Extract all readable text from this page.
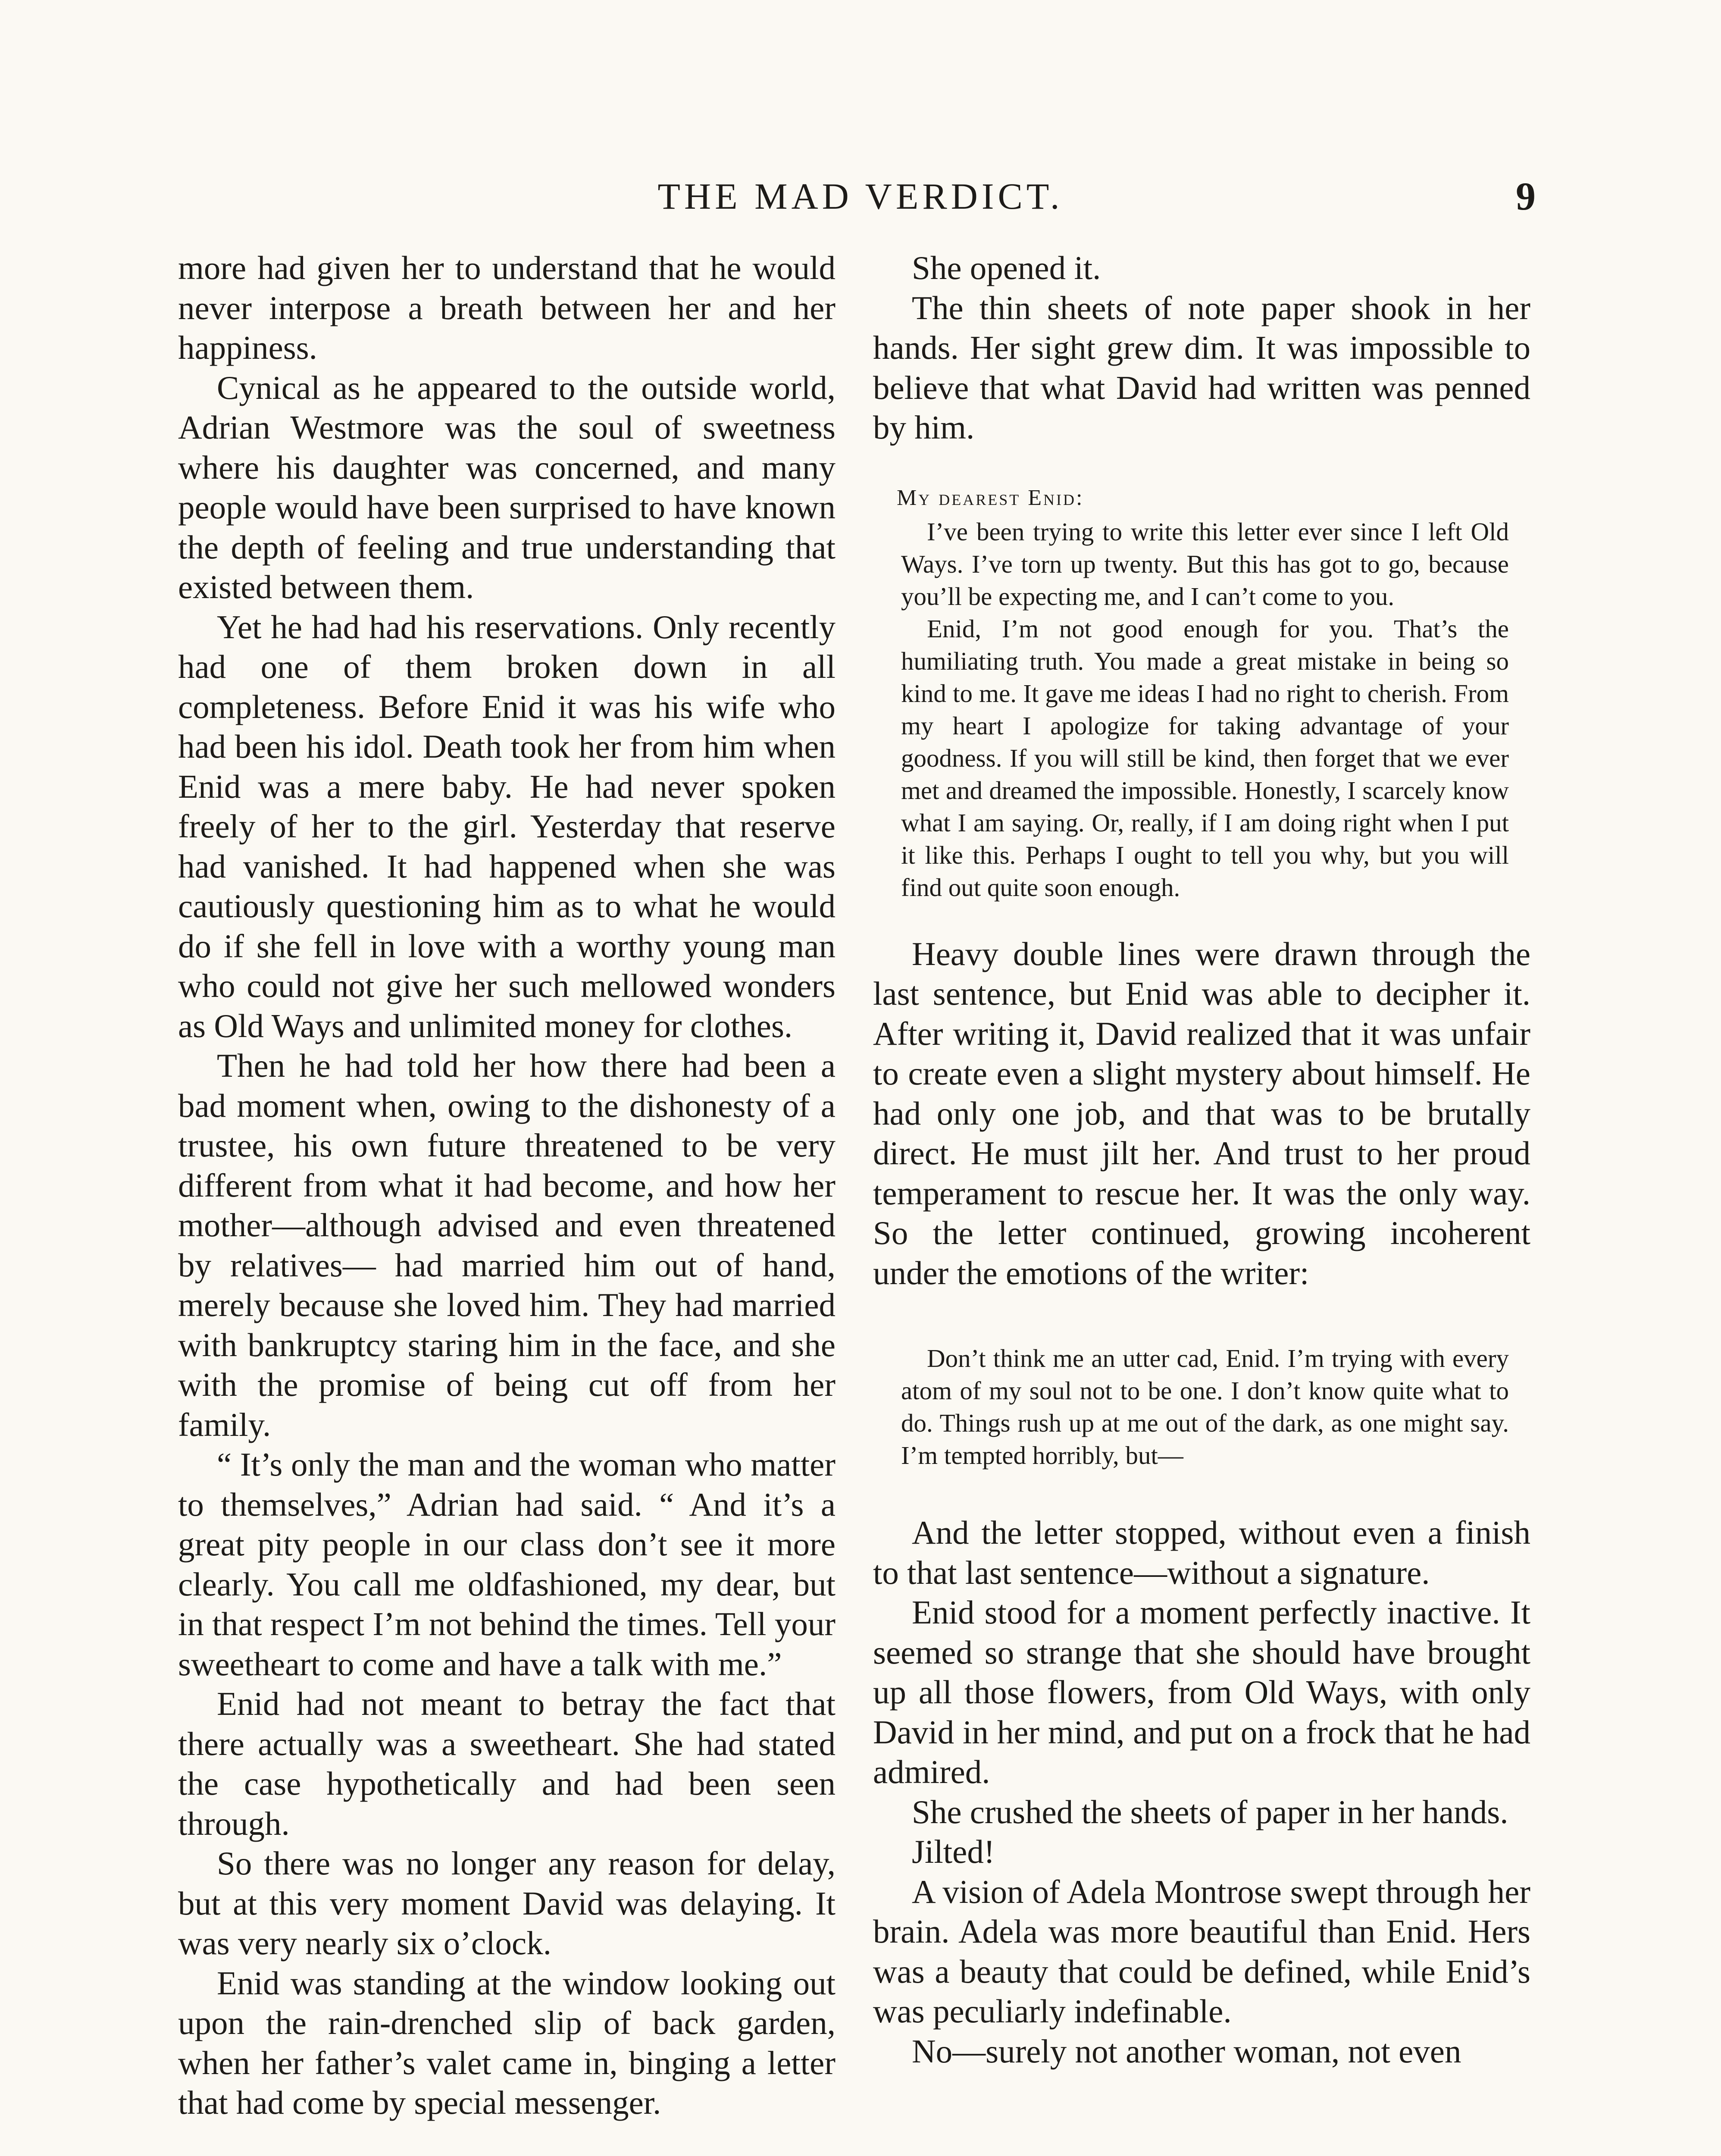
THE MAD VERDICT.	9

more had given her to understand that he would never interpose a breath between her and her happiness.

Cynical as he appeared to the outside world, Adrian Westmore was the soul of sweetness where his daughter was concerned, and many people would have been surprised to have known the depth of feeling and true understanding that existed between them.

Yet he had had his reservations. Only recently had one of them broken down in all completeness. Before Enid it was his wife who had been his idol. Death took her from him when Enid was a mere baby. He had never spoken freely of her to the girl. Yesterday that reserve had vanished. It had happened when she was cautiously questioning him as to what he would do if she fell in love with a worthy young man who could not give her such mellowed wonders as Old Ways and unlimited money for clothes.

Then he had told her how there had been a bad moment when, owing to the dishonesty of a trustee, his own future threatened to be very different from what it had become, and how her mother—although advised and even threatened by relatives— had married him out of hand, merely because she loved him. They had married with bankruptcy staring him in the face, and she with the promise of being cut off from her family.

“ It’s only the man and the woman who matter to themselves,” Adrian had said. “ And it’s a great pity people in our class don’t see it more clearly. You call me oldfashioned, my dear, but in that respect I’m not behind the times. Tell your sweetheart to come and have a talk with me.”

Enid had not meant to betray the fact that there actually was a sweetheart. She had stated the case hypothetically and had been seen through.

So there was no longer any reason for delay, but at this very moment David was delaying. It was very nearly six o’clock.

Enid was standing at the window looking out upon the rain-drenched slip of back garden, when her father’s valet came in, binging a letter that had come by special messenger.

She opened it.

The thin sheets of note paper shook in her hands. Her sight grew dim. It was impossible to believe that what David had written was penned by him.

My dearest Enid:

I’ve been trying to write this letter ever since I left Old Ways. I’ve torn up twenty. But this has got to go, because you’ll be expecting me, and I can’t come to you.

Enid, I’m not good enough for you. That’s the humiliating truth. You made a great mistake in being so kind to me. It gave me ideas I had no right to cherish. From my heart I apologize for taking advantage of your goodness. If you will still be kind, then forget that we ever met and dreamed the impossible. Honestly, I scarcely know what I am saying. Or, really, if I am doing right when I put it like this. Perhaps I ought to tell you why, but you will find out quite soon enough.

Heavy double lines were drawn through the last sentence, but Enid was able to decipher it. After writing it, David realized that it was unfair to create even a slight mystery about himself. He had only one job, and that was to be brutally direct. He must jilt her. And trust to her proud temperament to rescue her. It was the only way. So the letter continued, growing incoherent under the emotions of the writer:

Don’t think me an utter cad, Enid. I’m trying with every atom of my soul not to be one. I don’t know quite what to do. Things rush up at me out of the dark, as one might say. I’m tempted horribly, but—

And the letter stopped, without even a finish to that last sentence—without a signature.

Enid stood for a moment perfectly inactive. It seemed so strange that she should have brought up all those flowers, from Old Ways, with only David in her mind, and put on a frock that he had admired.

She crushed the sheets of paper in her hands.

Jilted!

A vision of Adela Montrose swept through her brain. Adela was more beautiful than Enid. Hers was a beauty that could be defined, while Enid’s was peculiarly indefinable.

No—surely not another woman, not even
